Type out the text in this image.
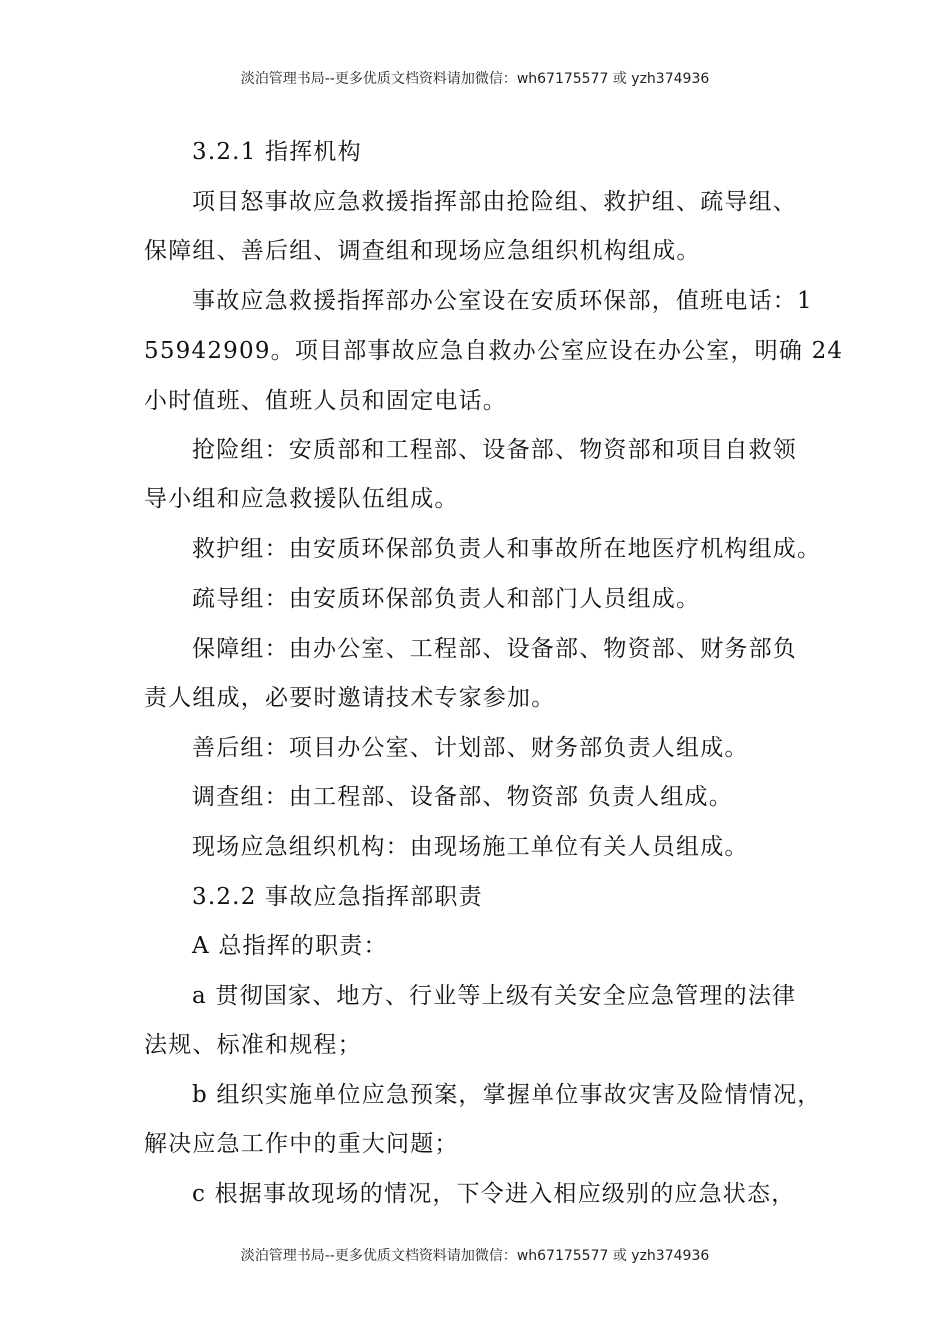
淡泊管理书局--更多优质文档资料请加微信：wh67175577 或 yzh374936
3.2.1 指挥机构
项目怒事故应急救援指挥部由抢险组、救护组、疏导组、
保障组、善后组、调查组和现场应急组织机构组成。
事故应急救援指挥部办公室设在安质环保部，值班电话：1
55942909。项目部事故应急自救办公室应设在办公室，明确 24
小时值班、值班人员和固定电话。
抢险组：安质部和工程部、设备部、物资部和项目自救领
导小组和应急救援队伍组成。
救护组：由安质环保部负责人和事故所在地医疗机构组成。
疏导组：由安质环保部负责人和部门人员组成。
保障组：由办公室、工程部、设备部、物资部、财务部负
责人组成，必要时邀请技术专家参加。
善后组：项目办公室、计划部、财务部负责人组成。
调查组：由工程部、设备部、物资部 负责人组成。
现场应急组织机构：由现场施工单位有关人员组成。
3.2.2 事故应急指挥部职责
A 总指挥的职责：
a 贯彻国家、地方、行业等上级有关安全应急管理的法律
法规、标准和规程；
b 组织实施单位应急预案，掌握单位事故灾害及险情情况，
解决应急工作中的重大问题；
c 根据事故现场的情况，下令进入相应级别的应急状态，
淡泊管理书局--更多优质文档资料请加微信：wh67175577 或 yzh374936
